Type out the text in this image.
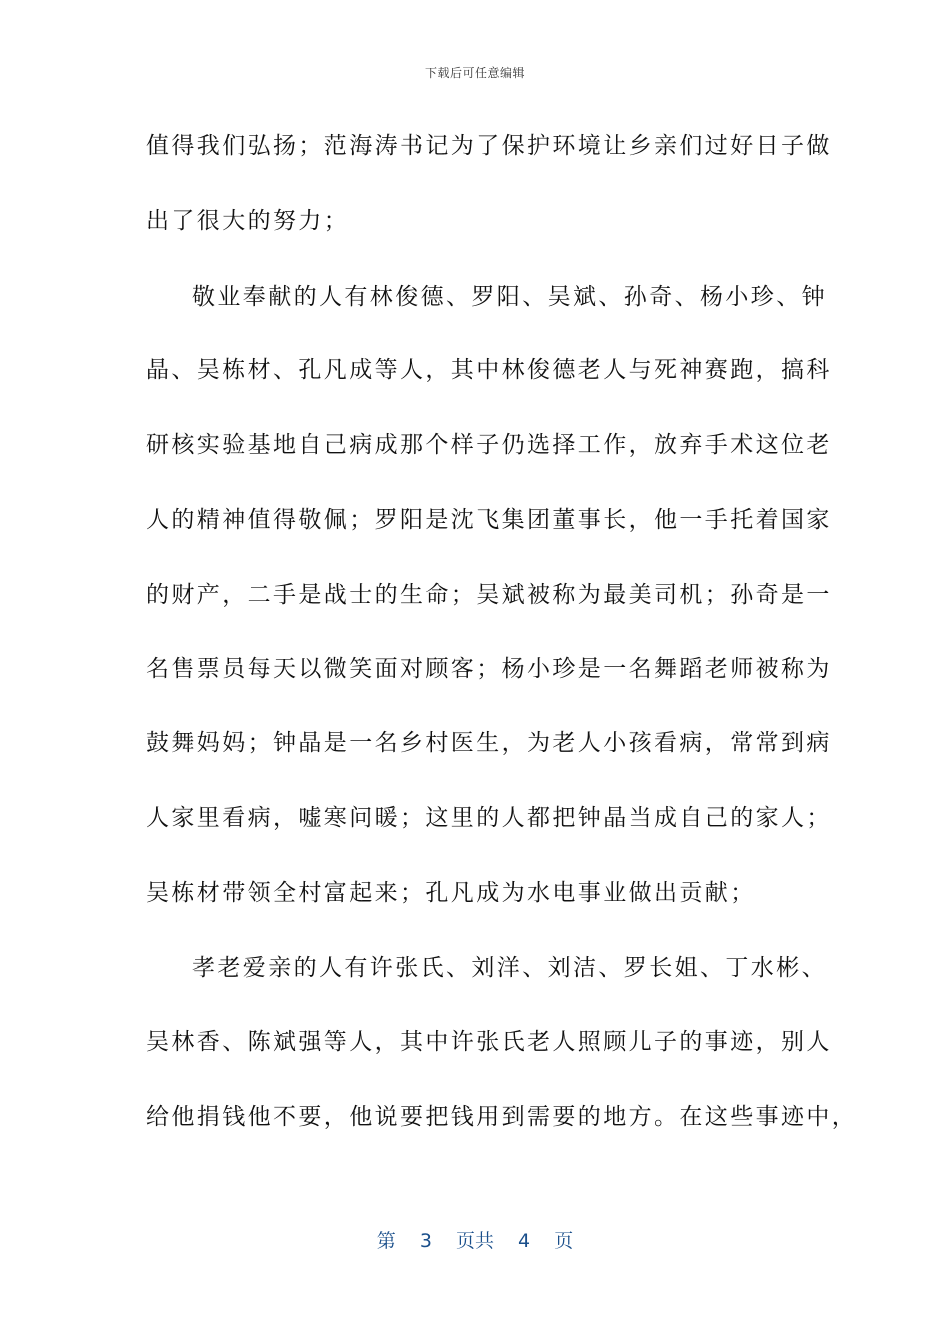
下载后可任意编辑
值得我们弘扬；范海涛书记为了保护环境让乡亲们过好日子做
出了很大的努力；
敬业奉献的人有林俊德、罗阳、吴斌、孙奇、杨小珍、钟
晶、吴栋材、孔凡成等人，其中林俊德老人与死神赛跑，搞科
研核实验基地自己病成那个样子仍选择工作，放弃手术这位老
人的精神值得敬佩；罗阳是沈飞集团董事长，他一手托着国家
的财产，二手是战士的生命；吴斌被称为最美司机；孙奇是一
名售票员每天以微笑面对顾客；杨小珍是一名舞蹈老师被称为
鼓舞妈妈；钟晶是一名乡村医生，为老人小孩看病，常常到病
人家里看病，嘘寒问暖；这里的人都把钟晶当成自己的家人；
吴栋材带领全村富起来；孔凡成为水电事业做出贡献；
孝老爱亲的人有许张氏、刘洋、刘洁、罗长姐、丁水彬、
吴林香、陈斌强等人，其中许张氏老人照顾儿子的事迹，别人
给他捐钱他不要，他说要把钱用到需要的地方。在这些事迹中，
第 3 页共 4 页
